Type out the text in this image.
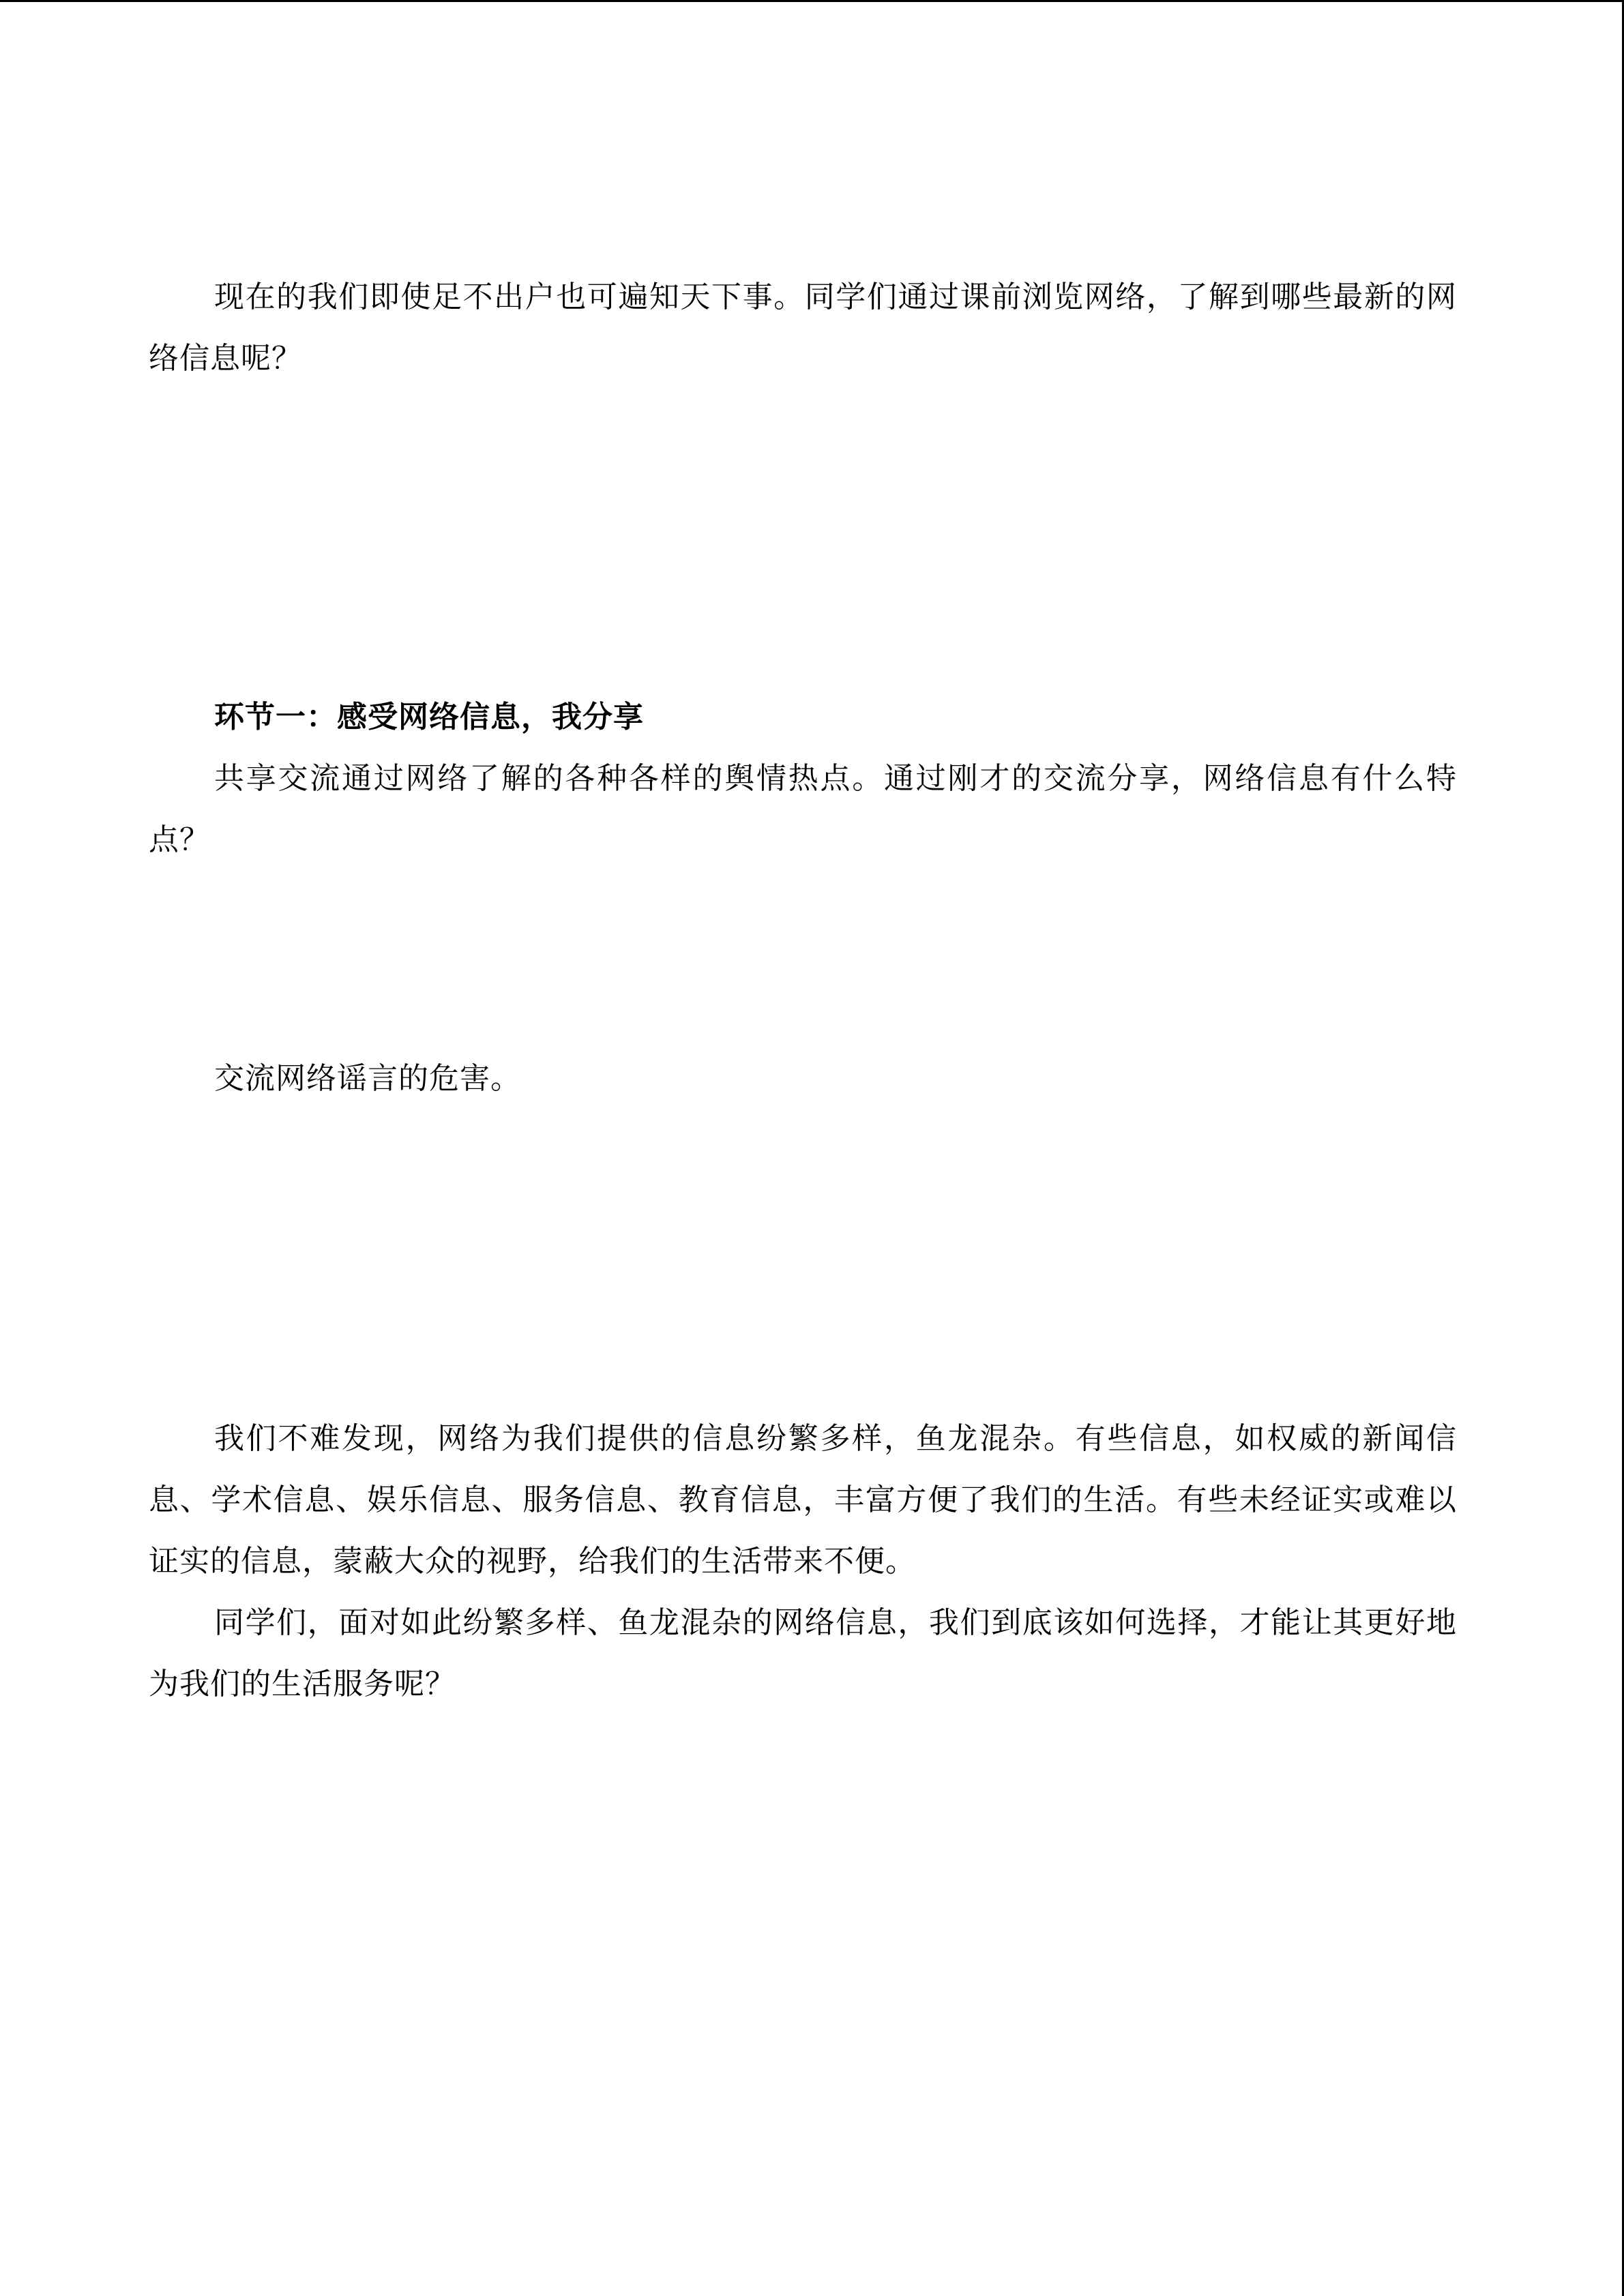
现在的我们即使足不出户也可遍知天下事。同学们通过课前浏览网络，了解到哪些最新的网络信息呢？

环节一：感受网络信息，我分享

共享交流通过网络了解的各种各样的舆情热点。通过刚才的交流分享，网络信息有什么特点？

交流网络谣言的危害。

我们不难发现，网络为我们提供的信息纷繁多样，鱼龙混杂。有些信息，如权威的新闻信息、学术信息、娱乐信息、服务信息、教育信息，丰富方便了我们的生活。有些未经证实或难以证实的信息，蒙蔽大众的视野，给我们的生活带来不便。

同学们，面对如此纷繁多样、鱼龙混杂的网络信息，我们到底该如何选择，才能让其更好地为我们的生活服务呢？
